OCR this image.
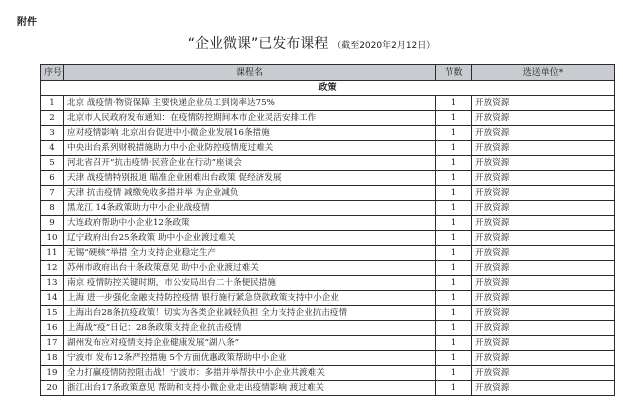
附件
“企业微课”已发布课程 （截至2020年2月12日）
序号	课程名	节数	选送单位*
政策			
1	北京 战疫情·物资保障 主要快递企业员工到岗率达75%	1	开放资源
2	北京市人民政府发布通知：在疫情防控期间本市企业灵活安排工作	1	开放资源
3	应对疫情影响 北京出台促进中小微企业发展16条措施	1	开放资源
4	中央出台系列财税措施助力中小企业防控疫情度过难关	1	开放资源
5	河北省召开“抗击疫情·民营企业在行动”座谈会	1	开放资源
6	天津 战疫情特别报道 瞄准企业困难出台政策 促经济发展	1	开放资源
7	天津 抗击疫情 减缴免收多措并举 为企业减负	1	开放资源
8	黑龙江 14条政策助力中小企业战疫情	1	开放资源
9	大连政府帮助中小企业12条政策	1	开放资源
10	辽宁政府出台25条政策 助中小企业渡过难关	1	开放资源
11	无锡“硬核”举措 全力支持企业稳定生产	1	开放资源
12	苏州市政府出台十条政策意见 助中小企业渡过难关	1	开放资源
13	南京 疫情防控关键时期，市公安局出台二十条便民措施	1	开放资源
14	上海 进一步强化金融支持防控疫情 银行施行紧急贷款政策支持中小企业	1	开放资源
15	上海出台28条抗疫政策！切实为各类企业减轻负担 全力支持企业抗击疫情	1	开放资源
16	上海战“疫”日记：28条政策支持企业抗击疫情	1	开放资源
17	湖州发布应对疫情支持企业健康发展“湖八条”	1	开放资源
18	宁波市 发布12条严控措施 5个方面优惠政策帮助中小企业	1	开放资源
19	全力打赢疫情防控阻击战！宁波市：多措并举帮扶中小企业共渡难关	1	开放资源
20	浙江出台17条政策意见 帮助和支持小微企业走出疫情影响 渡过难关	1	开放资源
